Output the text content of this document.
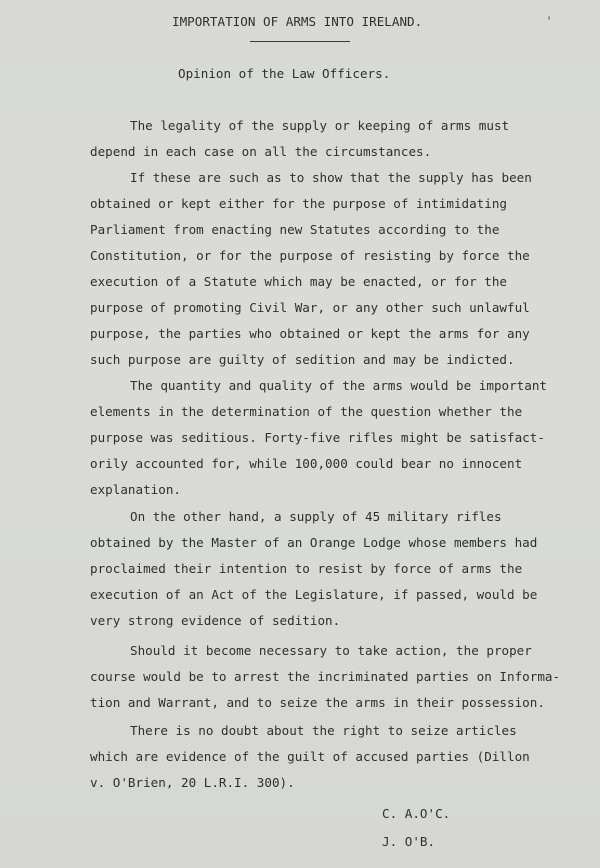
'
IMPORTATION OF ARMS INTO IRELAND.
Opinion of the Law Officers.
The legality of the supply or keeping of arms must
depend in each case on all the circumstances.
If these are such as to show that the supply has been
obtained or kept either for the purpose of intimidating
Parliament from enacting new Statutes according to the
Constitution, or for the purpose of resisting by force the
execution of a Statute which may be enacted, or for the
purpose of promoting Civil War, or any other such unlawful
purpose, the parties who obtained or kept the arms for any
such purpose are guilty of sedition and may be indicted.
The quantity and quality of the arms would be important
elements in the determination of the question whether the
purpose was seditious. Forty-five rifles might be satisfact-
orily accounted for, while 100,000 could bear no innocent
explanation.
On the other hand, a supply of 45 military rifles
obtained by the Master of an Orange Lodge whose members had
proclaimed their intention to resist by force of arms the
execution of an Act of the Legislature, if passed, would be
very strong evidence of sedition.
Should it become necessary to take action, the proper
course would be to arrest the incriminated parties on Informa-
tion and Warrant, and to seize the arms in their possession.
There is no doubt about the right to seize articles
which are evidence of the guilt of accused parties (Dillon
v. O'Brien, 20 L.R.I. 300).
C. A.O'C.
J. O'B.
